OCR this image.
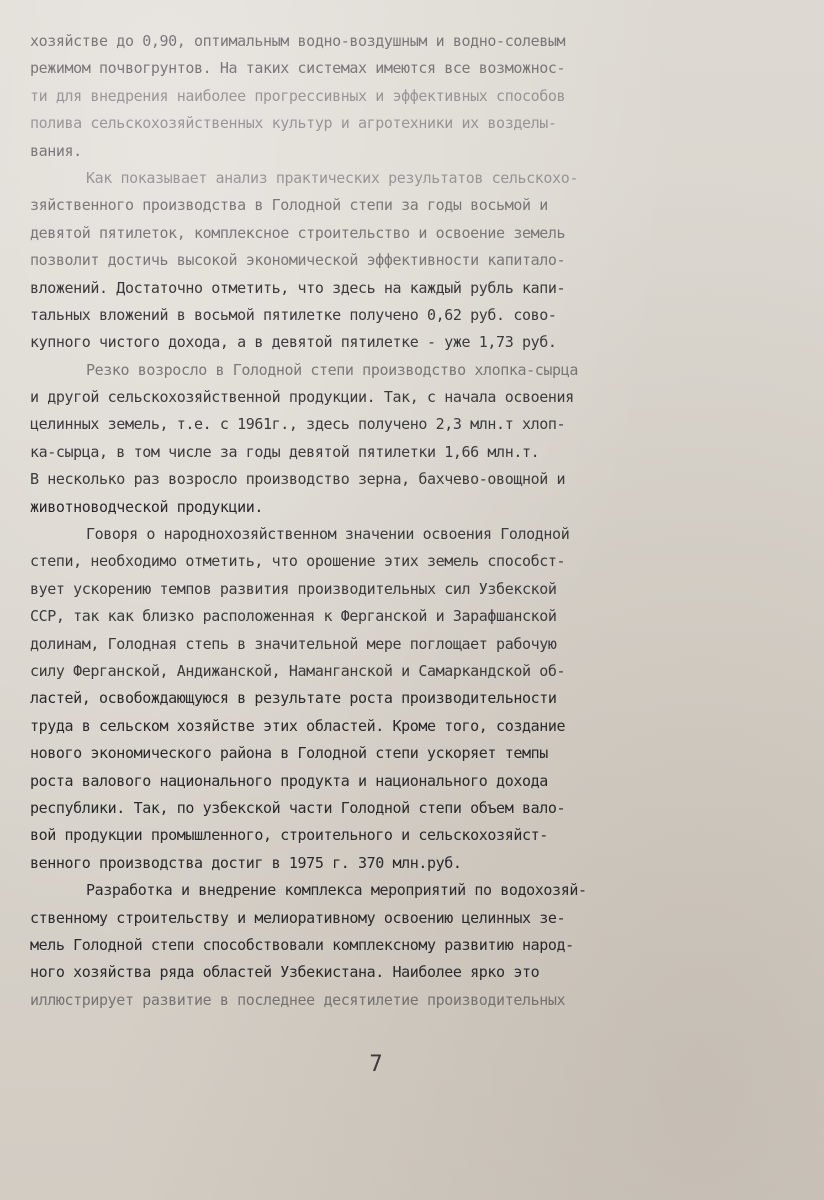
хозяйстве до 0,90, оптимальным водно-воздушным и водно-солевым
режимом почвогрунтов. На таких системах имеются все возможнос-
ти для внедрения наиболее прогрессивных и эффективных способов
полива сельскохозяйственных культур и агротехники их возделы-
вания.
Как показывает анализ практических результатов сельскохо-
зяйственного производства в Голодной степи за годы восьмой и
девятой пятилеток, комплексное строительство и освоение земель
позволит достичь высокой экономической эффективности капитало-
вложений. Достаточно отметить, что здесь на каждый рубль капи-
тальных вложений в восьмой пятилетке получено 0,62 руб. сово-
купного чистого дохода, а в девятой пятилетке - уже 1,73 руб.
Резко возросло в Голодной степи производство хлопка-сырца
и другой сельскохозяйственной продукции. Так, с начала освоения
целинных земель, т.е. с 1961г., здесь получено 2,3 млн.т хлоп-
ка-сырца, в том числе за годы девятой пятилетки 1,66 млн.т.
В несколько раз возросло производство зерна, бахчево-овощной и
животноводческой продукции.
Говоря о народнохозяйственном значении освоения Голодной
степи, необходимо отметить, что орошение этих земель способст-
вует ускорению темпов развития производительных сил Узбекской
ССР, так как близко расположенная к Ферганской и Зарафшанской
долинам, Голодная степь в значительной мере поглощает рабочую
силу Ферганской, Андижанской, Наманганской и Самаркандской об-
ластей, освобождающуюся в результате роста производительности
труда в сельском хозяйстве этих областей. Кроме того, создание
нового экономического района в Голодной степи ускоряет темпы
роста валового национального продукта и национального дохода
республики. Так, по узбекской части Голодной степи объем вало-
вой продукции промышленного, строительного и сельскохозяйст-
венного производства достиг в 1975 г. 370 млн.руб.
Разработка и внедрение комплекса мероприятий по водохозяй-
ственному строительству и мелиоративному освоению целинных зе-
мель Голодной степи способствовали комплексному развитию народ-
ного хозяйства ряда областей Узбекистана. Наиболее ярко это
иллюстрирует развитие в последнее десятилетие производительных
7
